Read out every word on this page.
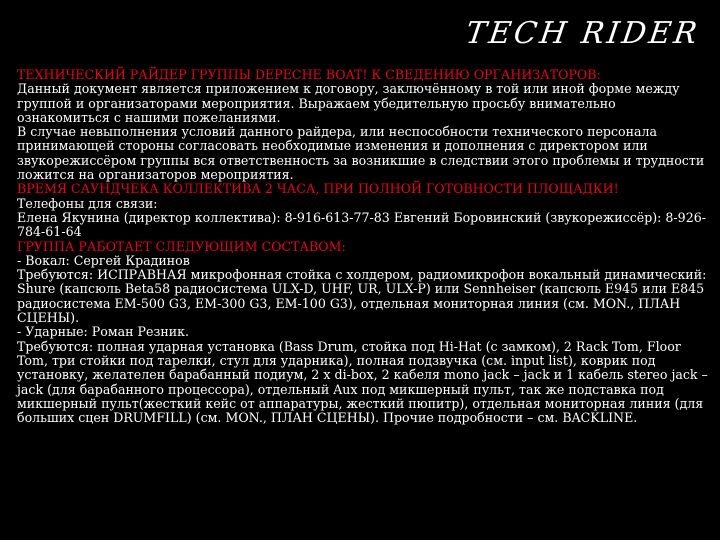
TECH RIDER

ТЕХНИЧЕСКИЙ РАЙДЕР ГРУППЫ DEPECHE BOAT! К СВЕДЕНИЮ ОРГАНИЗАТОРОВ:

Данный документ является приложением к договору, заключённому в той или иной форме между группой и организаторами мероприятия. Выражаем убедительную просьбу внимательно ознакомиться с нашими пожеланиями.

В случае невыполнения условий данного райдера, или неспособности технического персонала принимающей стороны согласовать необходимые изменения и дополнения с директором или звукорежиссёром группы вся ответственность за возникшие в следствии этого проблемы и трудности ложится на организаторов мероприятия.

ВРЕМЯ САУНДЧЕКА КОЛЛЕКТИВА 2 ЧАСА, ПРИ ПОЛНОЙ ГОТОВНОСТИ ПЛОЩАДКИ!

Телефоны для связи:

Елена Якунина (директор коллектива): 8-916-613-77-83 Евгений Боровинский (звукорежиссёр): 8-926-784-61-64

ГРУППА РАБОТАЕТ СЛЕДУЮЩИМ СОСТАВОМ:

- Вокал: Сергей Крадинов

Требуются: ИСПРАВНАЯ микрофонная стойка с холдером, радиомикрофон вокальный динамический: Shure (капсюль Beta58 радиосистема ULX-D, UHF, UR, ULX-P) или Sennheiser (капсюль E945 или E845 радиосистема EM-500 G3, EM-300 G3, EM-100 G3), отдельная мониторная линия (см. MON., ПЛАН СЦЕНЫ).

- Ударные: Роман Резник.

Требуются: полная ударная установка (Bass Drum, стойка под Hi-Hat (с замком), 2 Rack Tom, Floor Tom, три стойки под тарелки, стул для ударника), полная подзвучка (см. input list), коврик под установку, желателен барабанный подиум, 2 х di-box, 2 кабеля mono jack – jack и 1 кабель stereo jack – jack (для барабанного процессора), отдельный Aux под микшерный пульт, так же подставка под микшерный пульт(жесткий кейс от аппаратуры, жесткий пюпитр), отдельная мониторная линия (для больших сцен DRUMFILL) (см. MON., ПЛАН СЦЕНЫ). Прочие подробности – см. BACKLINE.
